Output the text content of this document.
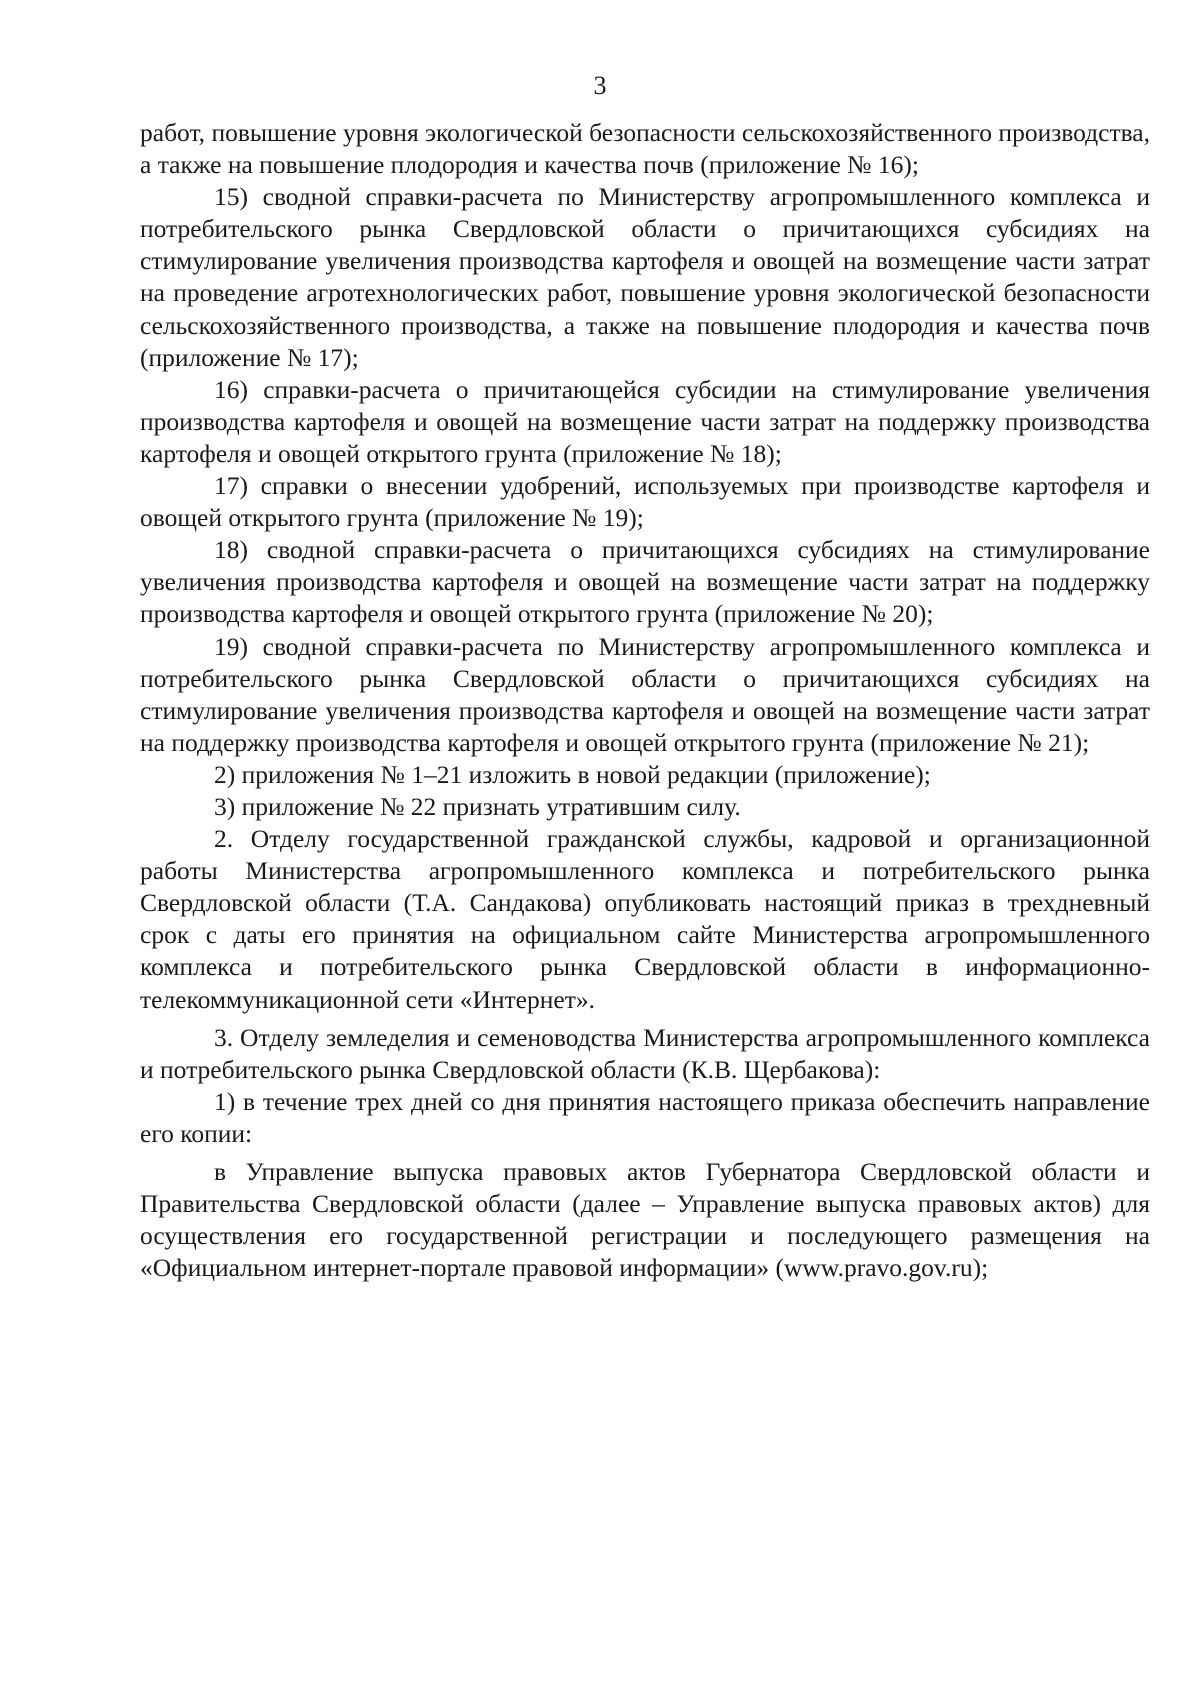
3

работ, повышение уровня экологической безопасности сельскохозяйственного производства, а также на повышение плодородия и качества почв (приложение № 16);

15) сводной справки-расчета по Министерству агропромышленного комплекса и потребительского рынка Свердловской области о причитающихся субсидиях на стимулирование увеличения производства картофеля и овощей на возмещение части затрат на проведение агротехнологических работ, повышение уровня экологической безопасности сельскохозяйственного производства, а также на повышение плодородия и качества почв (приложение № 17);

16) справки-расчета о причитающейся субсидии на стимулирование увеличения производства картофеля и овощей на возмещение части затрат на поддержку производства картофеля и овощей открытого грунта (приложение № 18);

17) справки о внесении удобрений, используемых при производстве картофеля и овощей открытого грунта (приложение № 19);

18) сводной справки-расчета о причитающихся субсидиях на стимулирование увеличения производства картофеля и овощей на возмещение части затрат на поддержку производства картофеля и овощей открытого грунта (приложение № 20);

19) сводной справки-расчета по Министерству агропромышленного комплекса и потребительского рынка Свердловской области о причитающихся субсидиях на стимулирование увеличения производства картофеля и овощей на возмещение части затрат на поддержку производства картофеля и овощей открытого грунта (приложение № 21);

2) приложения № 1–21 изложить в новой редакции (приложение);

3) приложение № 22 признать утратившим силу.

2. Отделу государственной гражданской службы, кадровой и организационной работы Министерства агропромышленного комплекса и потребительского рынка Свердловской области (Т.А. Сандакова) опубликовать настоящий приказ в трехдневный срок с даты его принятия на официальном сайте Министерства агропромышленного комплекса и потребительского рынка Свердловской области в информационно-телекоммуникационной сети «Интернет».

3. Отделу земледелия и семеноводства Министерства агропромышленного комплекса и потребительского рынка Свердловской области (К.В. Щербакова):

1) в течение трех дней со дня принятия настоящего приказа обеспечить направление его копии:

в Управление выпуска правовых актов Губернатора Свердловской области и Правительства Свердловской области (далее – Управление выпуска правовых актов) для осуществления его государственной регистрации и последующего размещения на «Официальном интернет-портале правовой информации» (www.pravo.gov.ru);
